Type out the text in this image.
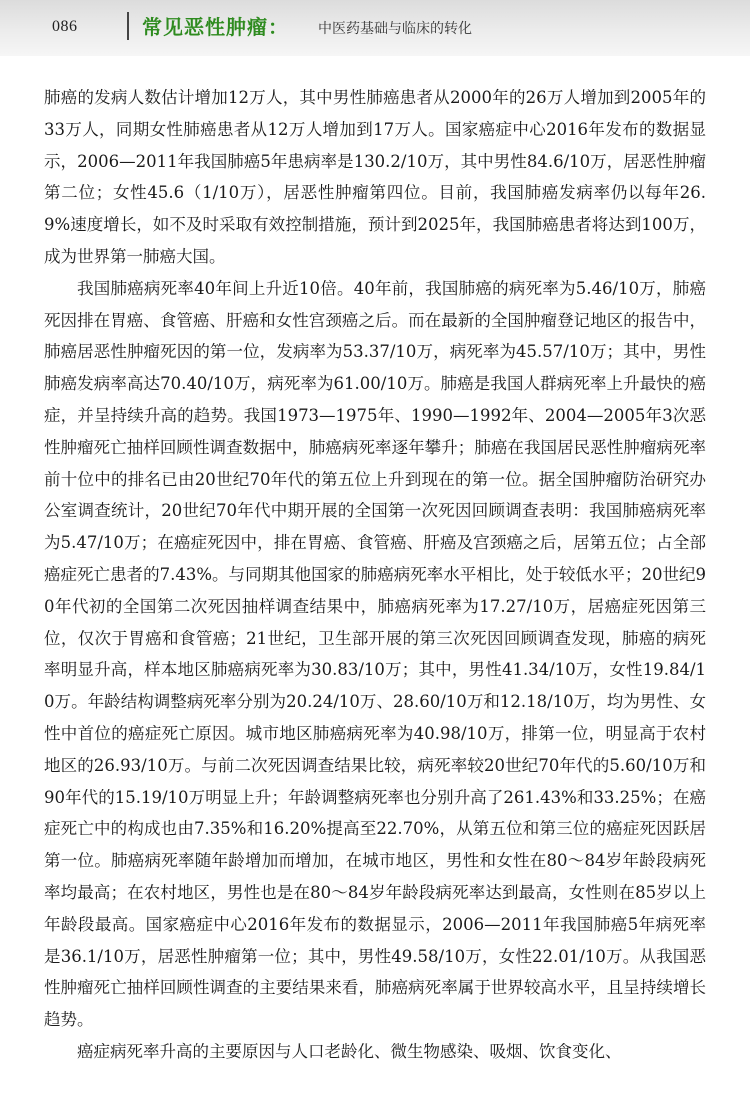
086	常见恶性肿瘤： 中医药基础与临床的转化

肺癌的发病人数估计增加12万人，其中男性肺癌患者从2000年的26万人增加到2005年的33万人，同期女性肺癌患者从12万人增加到17万人。国家癌症中心2016年发布的数据显示，2006—2011年我国肺癌5年患病率是130.2/10万，其中男性84.6/10万，居恶性肿瘤第二位；女性45.6（1/10万），居恶性肿瘤第四位。目前，我国肺癌发病率仍以每年26.9%速度增长，如不及时采取有效控制措施，预计到2025年，我国肺癌患者将达到100万，成为世界第一肺癌大国。

我国肺癌病死率40年间上升近10倍。40年前，我国肺癌的病死率为5.46/10万，肺癌死因排在胃癌、食管癌、肝癌和女性宫颈癌之后。而在最新的全国肿瘤登记地区的报告中，肺癌居恶性肿瘤死因的第一位，发病率为53.37/10万，病死率为45.57/10万；其中，男性肺癌发病率高达70.40/10万，病死率为61.00/10万。肺癌是我国人群病死率上升最快的癌症，并呈持续升高的趋势。我国1973—1975年、1990—1992年、2004—2005年3次恶性肿瘤死亡抽样回顾性调查数据中，肺癌病死率逐年攀升；肺癌在我国居民恶性肿瘤病死率前十位中的排名已由20世纪70年代的第五位上升到现在的第一位。据全国肿瘤防治研究办公室调查统计，20世纪70年代中期开展的全国第一次死因回顾调查表明：我国肺癌病死率为5.47/10万；在癌症死因中，排在胃癌、食管癌、肝癌及宫颈癌之后，居第五位；占全部癌症死亡患者的7.43%。与同期其他国家的肺癌病死率水平相比，处于较低水平；20世纪90年代初的全国第二次死因抽样调查结果中，肺癌病死率为17.27/10万，居癌症死因第三位，仅次于胃癌和食管癌；21世纪，卫生部开展的第三次死因回顾调查发现，肺癌的病死率明显升高，样本地区肺癌病死率为30.83/10万；其中，男性41.34/10万，女性19.84/10万。年龄结构调整病死率分别为20.24/10万、28.60/10万和12.18/10万，均为男性、女性中首位的癌症死亡原因。城市地区肺癌病死率为40.98/10万，排第一位，明显高于农村地区的26.93/10万。与前二次死因调查结果比较，病死率较20世纪70年代的5.60/10万和90年代的15.19/10万明显上升；年龄调整病死率也分别升高了261.43%和33.25%；在癌症死亡中的构成也由7.35%和16.20%提高至22.70%，从第五位和第三位的癌症死因跃居第一位。肺癌病死率随年龄增加而增加，在城市地区，男性和女性在80～84岁年龄段病死率均最高；在农村地区，男性也是在80～84岁年龄段病死率达到最高，女性则在85岁以上年龄段最高。国家癌症中心2016年发布的数据显示，2006—2011年我国肺癌5年病死率是36.1/10万，居恶性肿瘤第一位；其中，男性49.58/10万，女性22.01/10万。从我国恶性肿瘤死亡抽样回顾性调查的主要结果来看，肺癌病死率属于世界较高水平，且呈持续增长趋势。

癌症病死率升高的主要原因与人口老龄化、微生物感染、吸烟、饮食变化、
